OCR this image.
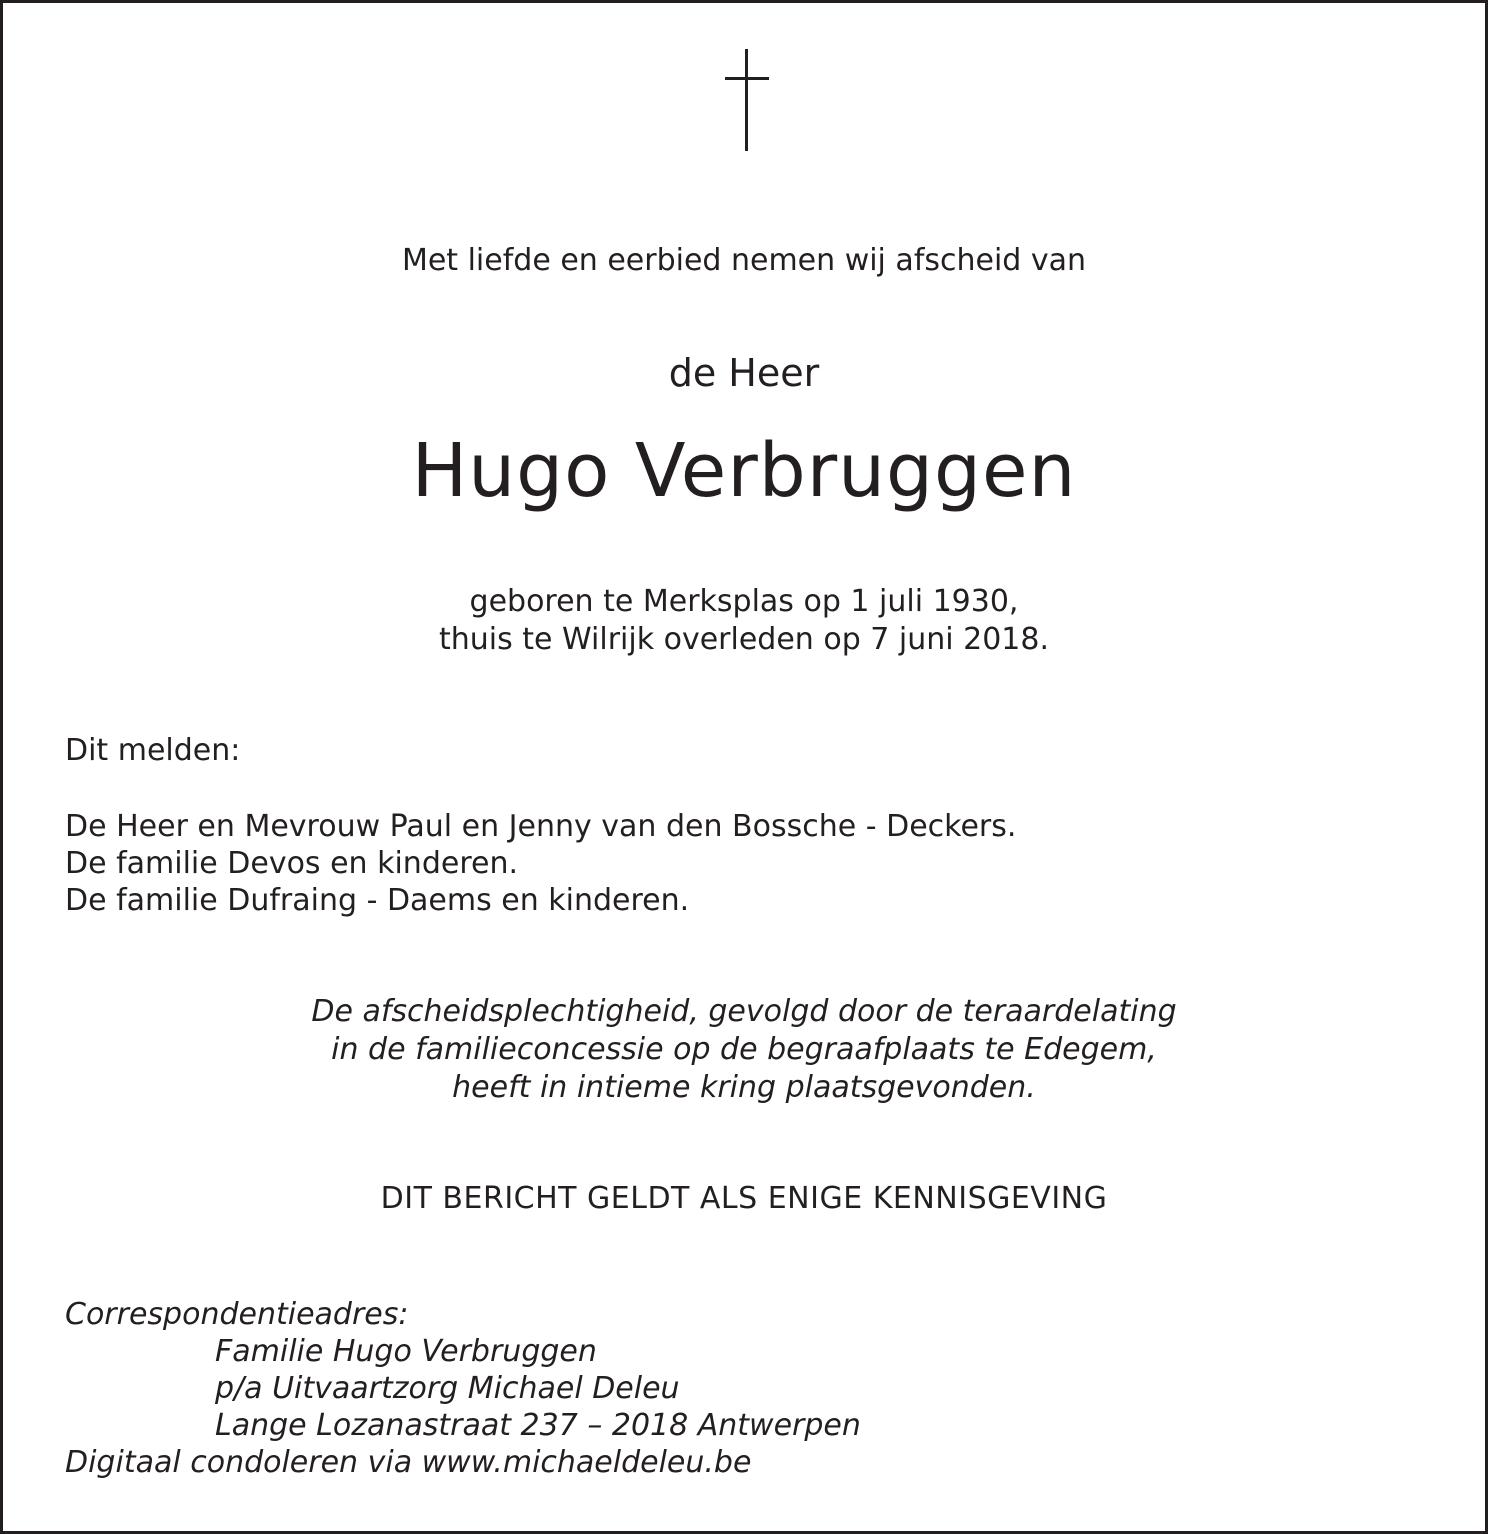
Met liefde en eerbied nemen wij afscheid van
de Heer
Hugo Verbruggen
geboren te Merksplas op 1 juli 1930,
thuis te Wilrijk overleden op 7 juni 2018.
Dit melden:
De Heer en Mevrouw Paul en Jenny van den Bossche - Deckers.
De familie Devos en kinderen.
De familie Dufraing - Daems en kinderen.
De afscheidsplechtigheid, gevolgd door de teraardelating
in de familieconcessie op de begraafplaats te Edegem,
heeft in intieme kring plaatsgevonden.
DIT BERICHT GELDT ALS ENIGE KENNISGEVING
Correspondentieadres:
Familie Hugo Verbruggen
p/a Uitvaartzorg Michael Deleu
Lange Lozanastraat 237 – 2018 Antwerpen
Digitaal condoleren via www.michaeldeleu.be
